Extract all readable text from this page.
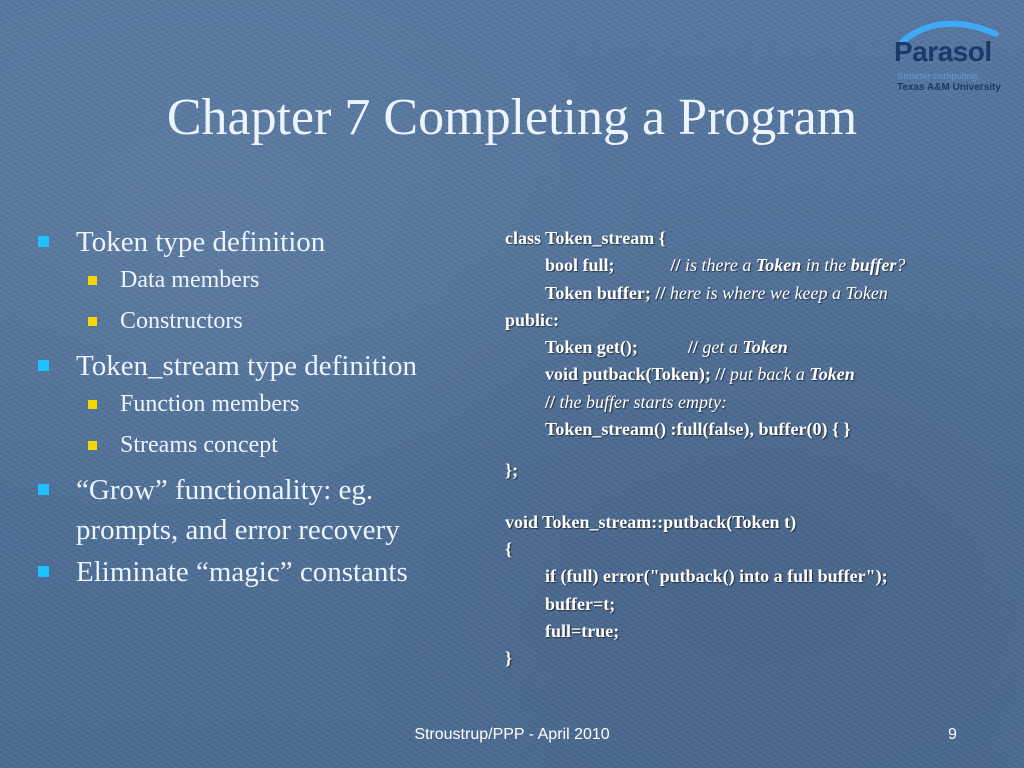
Parasol
Smarter computing.
Texas A&M University
Chapter 7 Completing a Program
Token type definition
Data members
Constructors
Token_stream type definition
Function members
Streams concept
“Grow” functionality: eg. prompts, and error recovery
Eliminate “magic” constants
class Token_stream {
bool full;	// is there a Token in the buffer?
Token buffer; // here is where we keep a Token
public:
Token get();	// get a Token
void putback(Token); // put back a Token
// the buffer starts empty:
Token_stream() :full(false), buffer(0) { }
};
void Token_stream::putback(Token t)
{
if (full) error("putback() into a full buffer");
buffer=t;
full=true;
}
Stroustrup/PPP - April 2010	9
